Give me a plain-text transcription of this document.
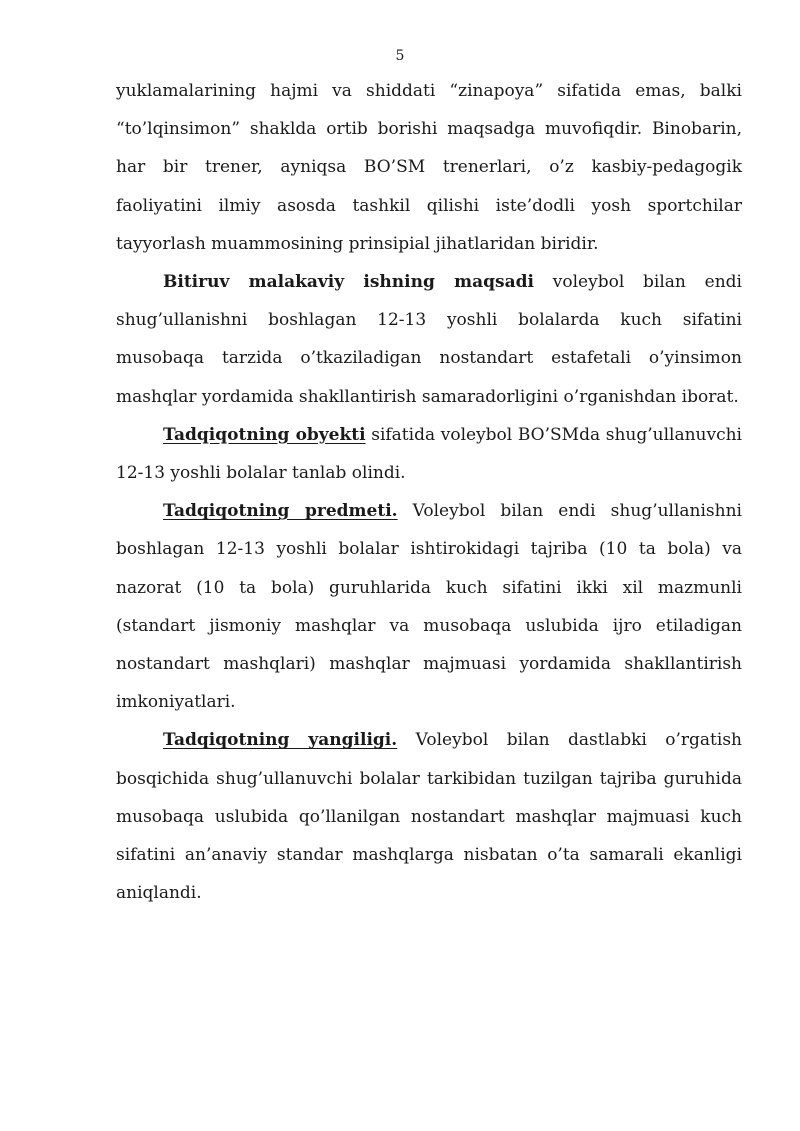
5

yuklamalarining hajmi va shiddati “zinapoya” sifatida emas, balki “to’lqinsimon” shaklda ortib borishi maqsadga muvofiqdir. Binobarin, har bir trener, ayniqsa BO’SM trenerlari, o’z kasbiy-pedagogik faoliyatini ilmiy asosda tashkil qilishi iste’dodli yosh sportchilar tayyorlash muammosining prinsipial jihatlaridan biridir.

Bitiruv malakaviy ishning maqsadi voleybol bilan endi shug’ullanishni boshlagan 12-13 yoshli bolalarda kuch sifatini musobaqa tarzida o’tkaziladigan nostandart estafetali o’yinsimon mashqlar yordamida shakllantirish samaradorligini o’rganishdan iborat.

Tadqiqotning obyekti sifatida voleybol BO’SMda shug’ullanuvchi 12-13 yoshli bolalar tanlab olindi.

Tadqiqotning predmeti. Voleybol bilan endi shug’ullanishni boshlagan 12-13 yoshli bolalar ishtirokidagi tajriba (10 ta bola) va nazorat (10 ta bola) guruhlarida kuch sifatini ikki xil mazmunli (standart jismoniy mashqlar va musobaqa uslubida ijro etiladigan nostandart mashqlari) mashqlar majmuasi yordamida shakllantirish imkoniyatlari.

Tadqiqotning yangiligi. Voleybol bilan dastlabki o’rgatish bosqichida shug’ullanuvchi bolalar tarkibidan tuzilgan tajriba guruhida musobaqa uslubida qo’llanilgan nostandart mashqlar majmuasi kuch sifatini an’anaviy standar mashqlarga nisbatan o’ta samarali ekanligi aniqlandi.
